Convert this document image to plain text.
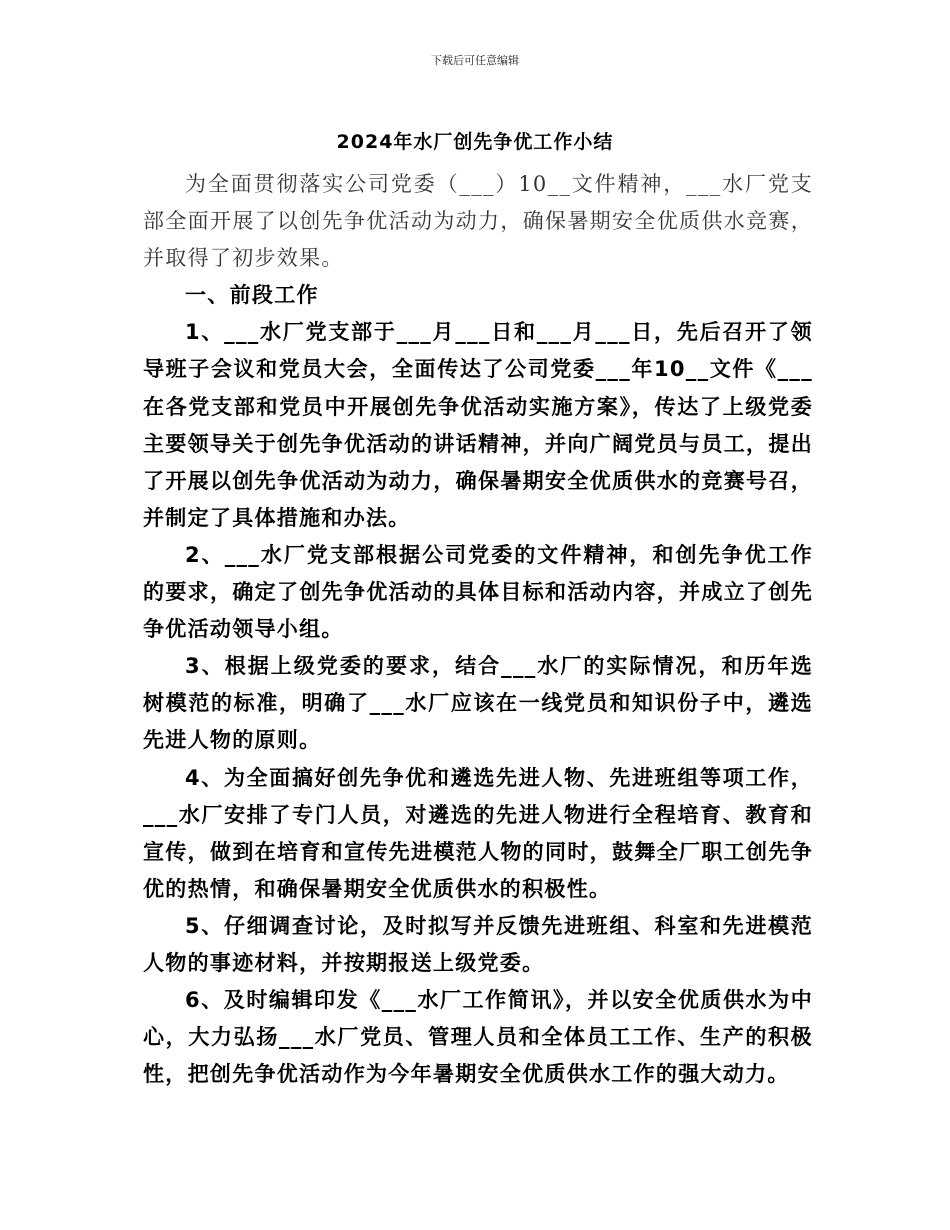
下载后可任意编辑
2024年水厂创先争优工作小结

为全面贯彻落实公司党委（___）10__文件精神，___水厂党支部全面开展了以创先争优活动为动力，确保暑期安全优质供水竞赛，并取得了初步效果。

一、前段工作

1、___水厂党支部于___月___日和___月___日，先后召开了领导班子会议和党员大会，全面传达了公司党委___年10__文件《___在各党支部和党员中开展创先争优活动实施方案》，传达了上级党委主要领导关于创先争优活动的讲话精神，并向广阔党员与员工，提出了开展以创先争优活动为动力，确保暑期安全优质供水的竞赛号召，并制定了具体措施和办法。

2、___水厂党支部根据公司党委的文件精神，和创先争优工作的要求，确定了创先争优活动的具体目标和活动内容，并成立了创先争优活动领导小组。

3、根据上级党委的要求，结合___水厂的实际情况，和历年选树模范的标准，明确了___水厂应该在一线党员和知识份子中，遴选先进人物的原则。

4、为全面搞好创先争优和遴选先进人物、先进班组等项工作，___水厂安排了专门人员，对遴选的先进人物进行全程培育、教育和宣传，做到在培育和宣传先进模范人物的同时，鼓舞全厂职工创先争优的热情，和确保暑期安全优质供水的积极性。

5、仔细调查讨论，及时拟写并反馈先进班组、科室和先进模范人物的事迹材料，并按期报送上级党委。

6、及时编辑印发《___水厂工作简讯》，并以安全优质供水为中心，大力弘扬___水厂党员、管理人员和全体员工工作、生产的积极性，把创先争优活动作为今年暑期安全优质供水工作的强大动力。
